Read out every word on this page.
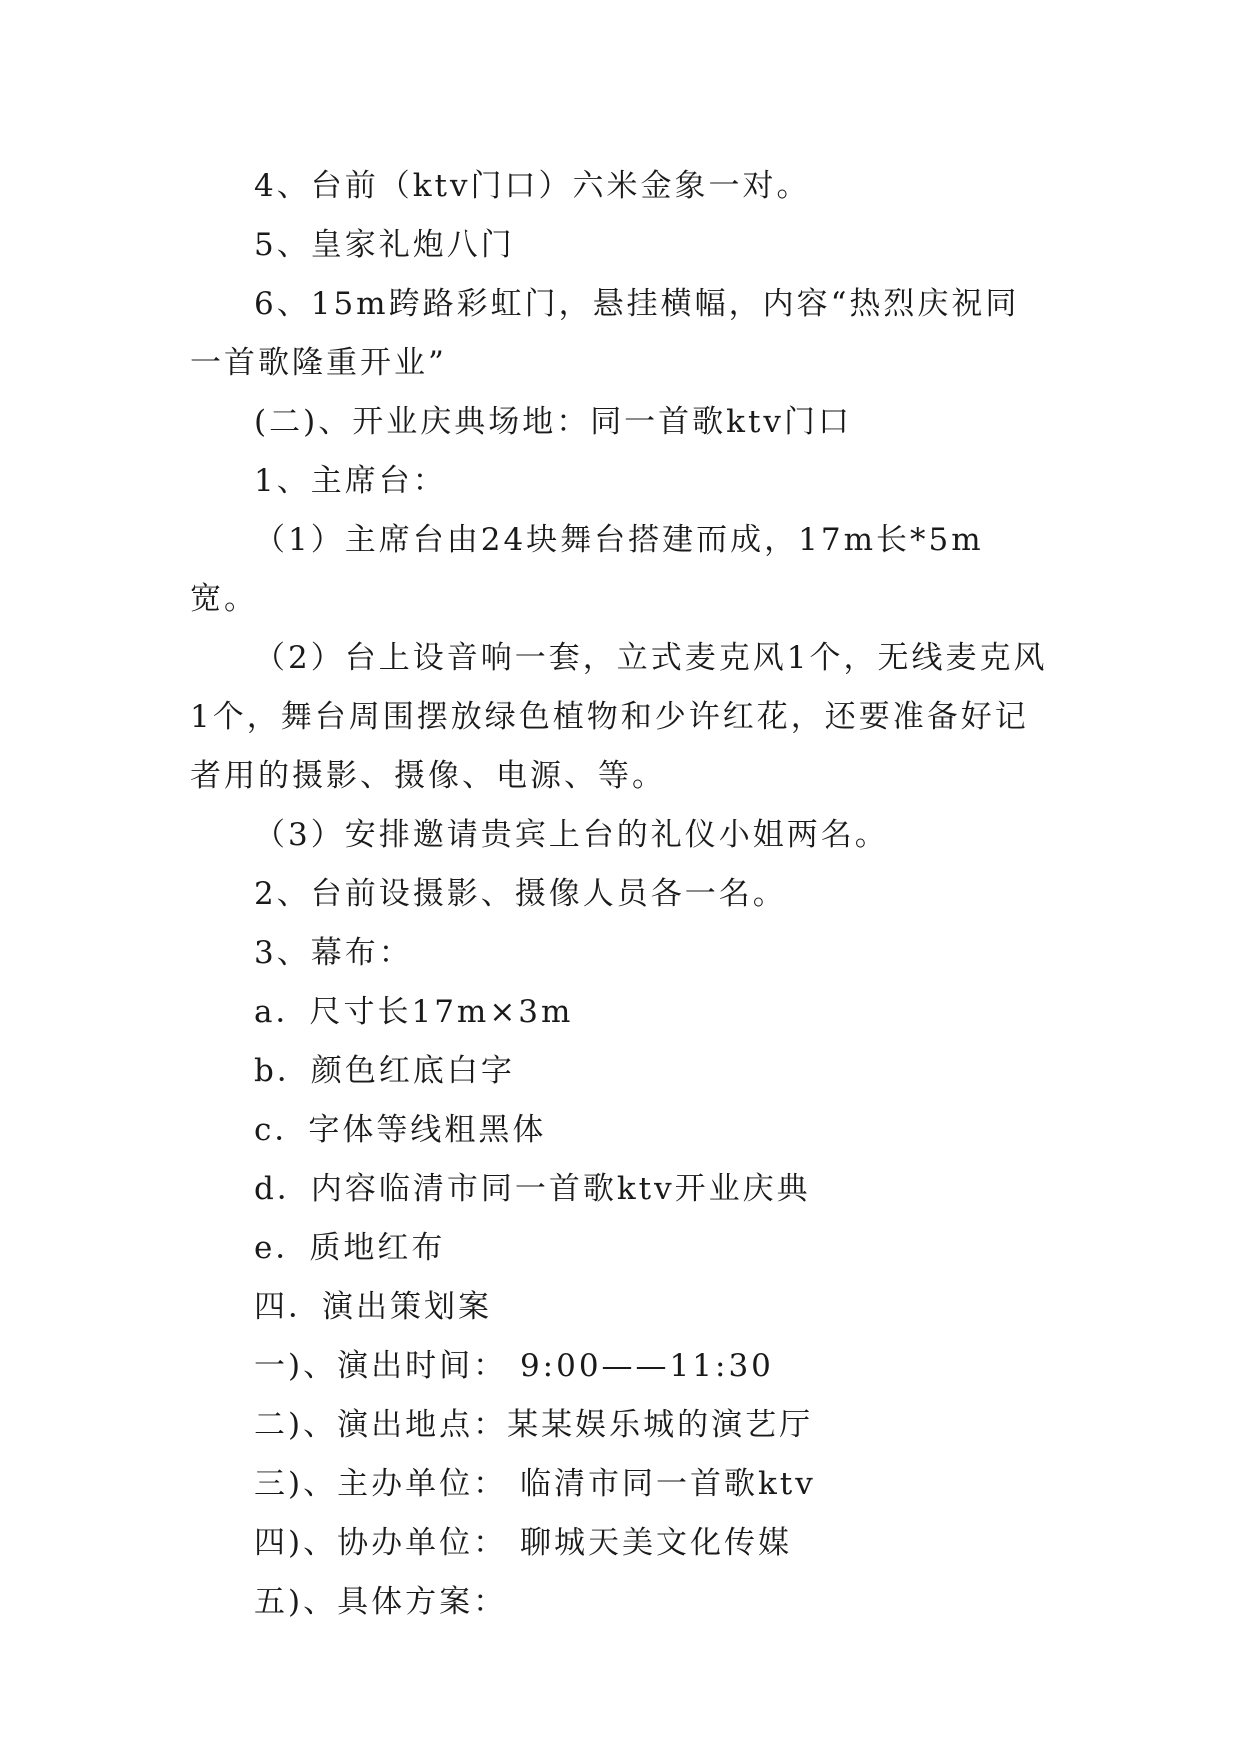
4、台前（ktv门口）六米金象一对。

5、皇家礼炮八门

6、15m跨路彩虹门，悬挂横幅，内容“热烈庆祝同一首歌隆重开业”

(二)、开业庆典场地：同一首歌ktv门口

1、主席台：

（1）主席台由24块舞台搭建而成，17m长*5m宽。

（2）台上设音响一套，立式麦克风1个，无线麦克风1个，舞台周围摆放绿色植物和少许红花，还要准备好记者用的摄影、摄像、电源、等。

（3）安排邀请贵宾上台的礼仪小姐两名。

2、台前设摄影、摄像人员各一名。

3、幕布：

a．尺寸长17m×3m

b．颜色红底白字

c．字体等线粗黑体

d．内容临清市同一首歌ktv开业庆典

e．质地红布

四．演出策划案

一)、演出时间： 9:00——11:30

二)、演出地点：某某娱乐城的演艺厅

三)、主办单位： 临清市同一首歌ktv

四)、协办单位： 聊城天美文化传媒

五)、具体方案：
